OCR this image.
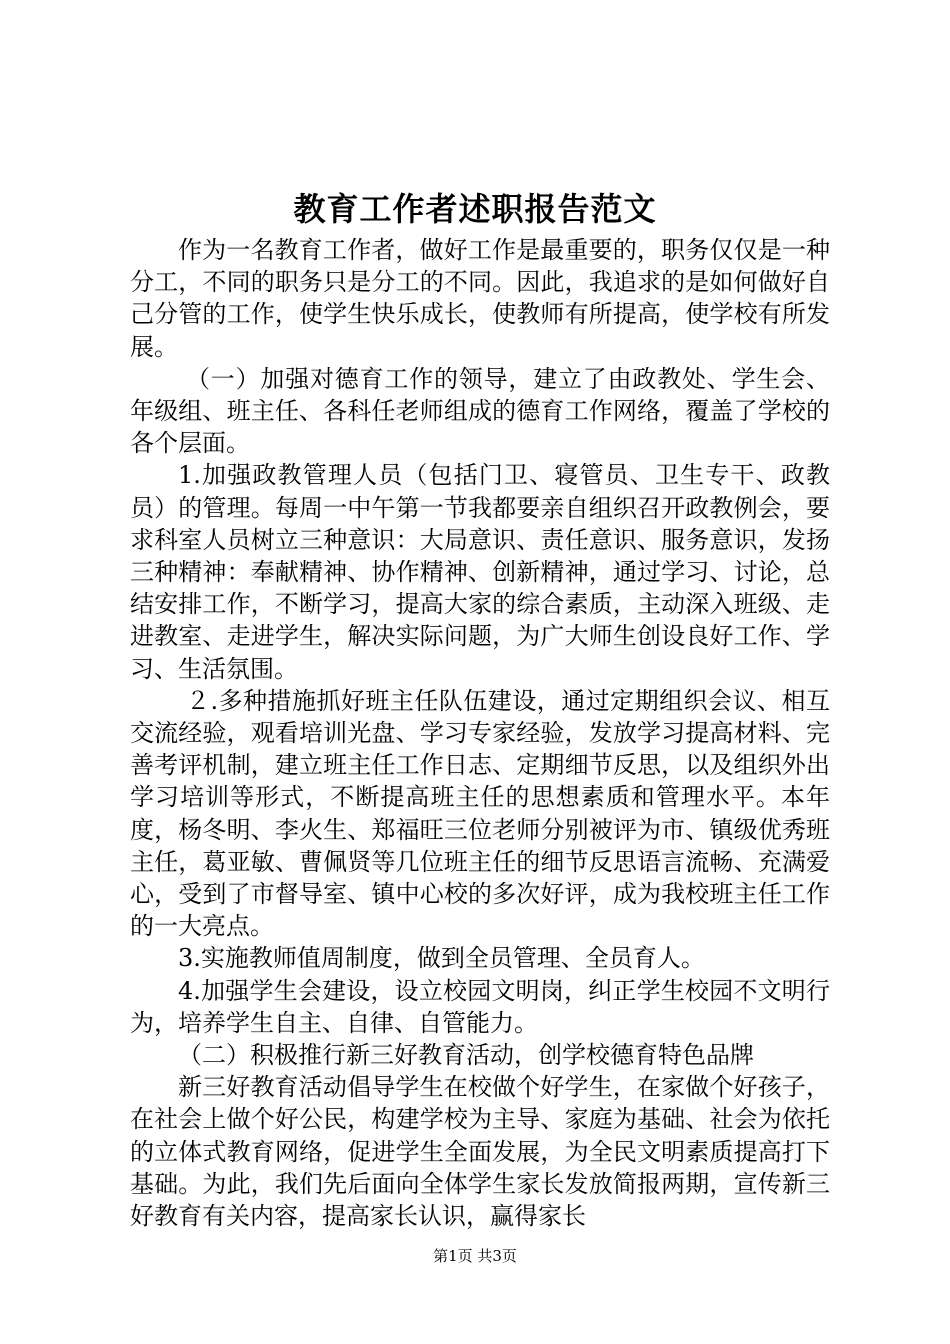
教育工作者述职报告范文

作为一名教育工作者，做好工作是最重要的，职务仅仅是一种分工，不同的职务只是分工的不同。因此，我追求的是如何做好自己分管的工作，使学生快乐成长，使教师有所提高，使学校有所发展。

（一）加强对德育工作的领导，建立了由政教处、学生会、年级组、班主任、各科任老师组成的德育工作网络，覆盖了学校的各个层面。

1.加强政教管理人员（包括门卫、寝管员、卫生专干、政教员）的管理。每周一中午第一节我都要亲自组织召开政教例会，要求科室人员树立三种意识：大局意识、责任意识、服务意识，发扬三种精神：奉献精神、协作精神、创新精神，通过学习、讨论，总结安排工作，不断学习，提高大家的综合素质，主动深入班级、走进教室、走进学生，解决实际问题，为广大师生创设良好工作、学习、生活氛围。

２.多种措施抓好班主任队伍建设，通过定期组织会议、相互交流经验，观看培训光盘、学习专家经验，发放学习提高材料、完善考评机制，建立班主任工作日志、定期细节反思，以及组织外出学习培训等形式，不断提高班主任的思想素质和管理水平。本年度，杨冬明、李火生、郑福旺三位老师分别被评为市、镇级优秀班主任，葛亚敏、曹佩贤等几位班主任的细节反思语言流畅、充满爱心，受到了市督导室、镇中心校的多次好评，成为我校班主任工作的一大亮点。

3.实施教师值周制度，做到全员管理、全员育人。

4.加强学生会建设，设立校园文明岗，纠正学生校园不文明行为，培养学生自主、自律、自管能力。

（二）积极推行新三好教育活动，创学校德育特色品牌

新三好教育活动倡导学生在校做个好学生，在家做个好孩子，在社会上做个好公民，构建学校为主导、家庭为基础、社会为依托的立体式教育网络，促进学生全面发展，为全民文明素质提高打下基础。为此，我们先后面向全体学生家长发放简报两期，宣传新三好教育有关内容，提高家长认识，赢得家长

第1页 共3页
